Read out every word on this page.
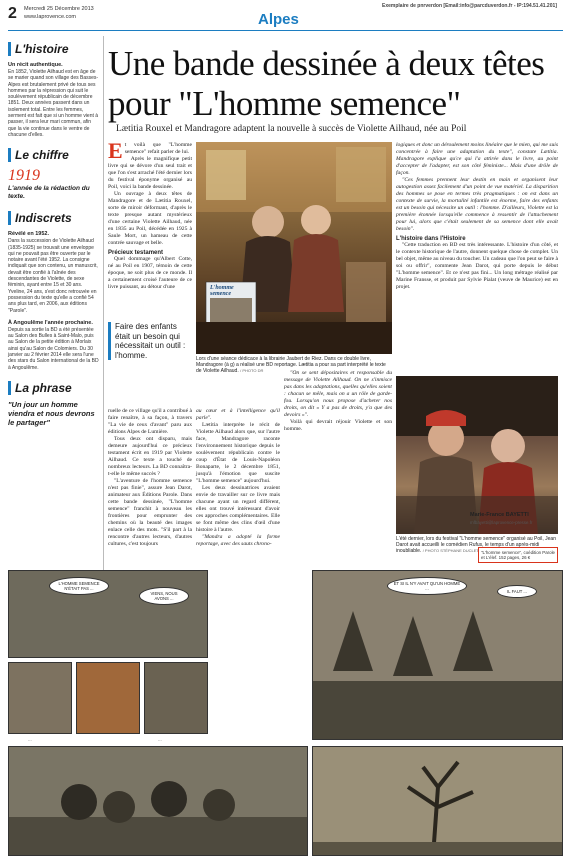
2 Mercredi 25 Décembre 2013
www.laprovence.com	Alpes
Exemplaire de pnrverdon [Email:info@parcduverdon.fr - IP:194.51.41.201]
L'histoire
Un récit authentique.
En 1852, Violette Ailhaud est en âge de se marier quand son village des Basses-Alpes est brutalement privé de tous ses hommes par la répression qui suit le soulèvement républicain de décembre 1851. Deux années passent dans un isolement total. Entre les femmes, serment est fait que si un homme vient à passer, il sera leur mari commun, afin que la vie continue dans le ventre de chacune d'elles.
Le chiffre
1919
L'année de la rédaction du texte.
Indiscrets
Révélé en 1952.
Dans la succession de Violette Ailhaud (1835-1925) se trouvait une enveloppe qui ne pouvait pas être ouverte par le notaire avant l'été 1952. La consigne indiquait que son contenu, un manuscrit, devait être confié à l'aînée des descendantes de Violette, de sexe féminin, ayant entre 15 et 30 ans. Yveline, 24 ans, s'est donc retrouvée en possession du texte qu'elle a confié 54 ans plus tard, en 2006, aux éditions "Parole".
À Angoulême l'année prochaine.
Depuis sa sortie la BD a été présentée au Salon des Bulles à Saint-Malo, puis au Salon de la petite édition à Morlaix ainsi qu'au Salon de Colomiers. Du 30 janvier au 2 février 2014 elle sera l'une des stars du Salon international de la BD à Angoulême.
La phrase
"Un jour un homme viendra et nous devrons le partager"
Une bande dessinée à deux têtes pour "L'homme semence"
Lætitia Rouxel et Mandragore adaptent la nouvelle à succès de Violette Ailhaud, née au Poil
E t voilà que "L'homme semence" refait parler de lui.

Après le magnifique petit livre qui se dévore d'un seul trait et que l'on s'est arraché l'été dernier lors du festival éponyme organisé au Poil, voici la bande dessinée.

Un ouvrage à deux têtes de Mandragore et de Lætitia Rouxel, sorte de miroir déformant, d'après le texte presque autant mystérieux d'une certaine Violette Ailhaud, née en 1835 au Poil, décédée en 1925 à Saule Mort, un hameau de cette contrée sauvage et belle.

Précieux testament

Quel dommage qu'Albert Cotte, né au Poil en 1907, témoin de cette époque, ne soit plus de ce monde. Il a certainement croisé l'auteure de ce livre puissant, au détour d'une

Faire des enfants était un besoin qui nécessitait un outil : l'homme.

ruelle de ce village qu'il a contribué à faire renaître, à sa façon, à travers "La vie de ceux d'avant" paru aux éditions Alpes de Lumière.

Tous deux ont disparu, mais demeure aujourd'hui ce précieux testament écrit en 1919 par Violette Ailhaud. Ce texte a touché de nombreux lecteurs. La BD connaîtra-t-elle le même succès ?

"L'aventure de l'homme semence n'est pas finie", assure Jean Darot, animateur aux Éditions Parole. Dans cette bande dessinée, "L'homme semence" franchit à nouveau les frontières pour emprunter des chemins où la beauté des images enlace celle des mots. "S'il part à la rencontre d'autres lecteurs, d'autres cultures, c'est toujours

L'homme semence
Lors d'une séance dédicace à la librairie Jaubert de Riez. Dans ce double livre, Mandragore (à g) a réalisé une BD reportage. Lætitia a pour sa part interprété le texte de Violette Ailhaud. / PHOTO DR

au cœur et à l'intelligence qu'il parle".

Lætitia interprète le récit de Violette Ailhaud alors que, sur l'autre face, Mandragore raconte l'environnement historique depuis le soulèvement républicain contre le coup d'État de Louis-Napoléon Bonaparte, le 2 décembre 1851, jusqu'à l'émotion que suscite "L'homme semence" aujourd'hui.

Les deux dessinatrices avaient envie de travailler sur ce livre mais chacune ayant un regard différent, elles ont trouvé intéressant d'avoir ces approches complémentaires. Elle se font même des clins d'œil d'une histoire à l'autre.

"Mandra a adopté la forme reportage, avec des sauts chrono-

logiques et donc un déroulement moins linéaire que le mien, qui me suis concentrée à faire une adaptation du texte", constate Lætitia. Mandragore explique qu'ce qui l'a attirée dans le livre, au point d'accepter de l'adapter, est son côté féministe... Mais d'une drôle de façon.

"Ces femmes prennent leur destin en main et organisent leur autogestion assez facilement d'un point de vue matériel. La disparition des hommes se pose en termes très pragmatiques : on est dans un contexte de survie, la mortalité infantile est énorme, faire des enfants est un besoin qui nécessite un outil : l'homme. D'ailleurs, Violette est la première étonnée lorsqu'elle commence à ressentir de l'attachement pour lui, alors que c'était seulement de sa semence dont elle avait besoin".

L'histoire dans l'Histoire

"Cette traduction en BD est très intéressante. L'histoire d'un côté, et le contexte historique de l'autre, donnent quelque chose de complet. Un bel objet, même au niveau du toucher. Un cadeau que l'on peut se faire à soi ou offrir", commente Jean Darot, qui porte depuis le début "L'homme semence". Et ce n'est pas fini... Un long métrage réalisé par Marine Fransse, et produit par Sylvie Pialat (veuve de Maurice) est en projet.

L'été dernier, lors du festival "L'homme semence" organisé au Poil, Jean Darot avait accueilli le comédien Rufus, le temps d'un après-midi inoubliable. / PHOTO STÉPHANE DUCLET

"On se sent dépositaires et responsable du message de Violette Ailhaud. On ne s'inmisce pas dans les adaptations, quelles qu'elles soient : chacun se mêle, mais on a un rôle de garde-fou. Lorsqu'on nous propose d'acheter nos droits, on dit « Y a pas de droits, y'a que des devoirs »".

Voilà qui devrait réjouir Violette et son homme.

Marie-France BAYETTI
mfbayetti@laprovence-presse.fr
"L'homme semence", coédition Parole et L'élef. 152 pages, 26 €
L'HOMME SEMENCE N'ÉTAIT PAS ...
VIENS, NOUS AVONS ...
...	...
ET SI IL N'Y AVAIT QU'UN HOMME ...
IL FAUT ...
